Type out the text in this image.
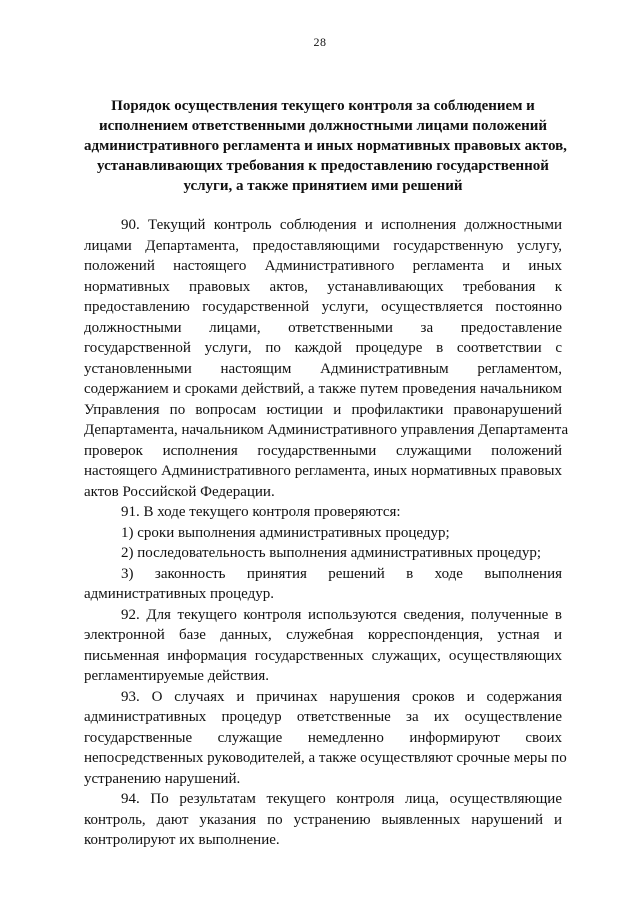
28
Порядок осуществления текущего контроля за соблюдением и
исполнением ответственными должностными лицами положений
административного регламента и иных нормативных правовых актов,
устанавливающих требования к предоставлению государственной
услуги, а также принятием ими решений
90. Текущий контроль соблюдения и исполнения должностными
лицами Департамента, предоставляющими государственную услугу,
положений настоящего Административного регламента и иных
нормативных правовых актов, устанавливающих требования к
предоставлению государственной услуги, осуществляется постоянно
должностными лицами, ответственными за предоставление
государственной услуги, по каждой процедуре в соответствии с
установленными настоящим Административным регламентом,
содержанием и сроками действий, а также путем проведения начальником
Управления по вопросам юстиции и профилактики правонарушений
Департамента, начальником Административного управления Департамента
проверок исполнения государственными служащими положений
настоящего Административного регламента, иных нормативных правовых
актов Российской Федерации.
91. В ходе текущего контроля проверяются:
1) сроки выполнения административных процедур;
2) последовательность выполнения административных процедур;
3) законность принятия решений в ходе выполнения
административных процедур.
92. Для текущего контроля используются сведения, полученные в
электронной базе данных, служебная корреспонденция, устная и
письменная информация государственных служащих, осуществляющих
регламентируемые действия.
93. О случаях и причинах нарушения сроков и содержания
административных процедур ответственные за их осуществление
государственные служащие немедленно информируют своих
непосредственных руководителей, а также осуществляют срочные меры по
устранению нарушений.
94. По результатам текущего контроля лица, осуществляющие
контроль, дают указания по устранению выявленных нарушений и
контролируют их выполнение.
